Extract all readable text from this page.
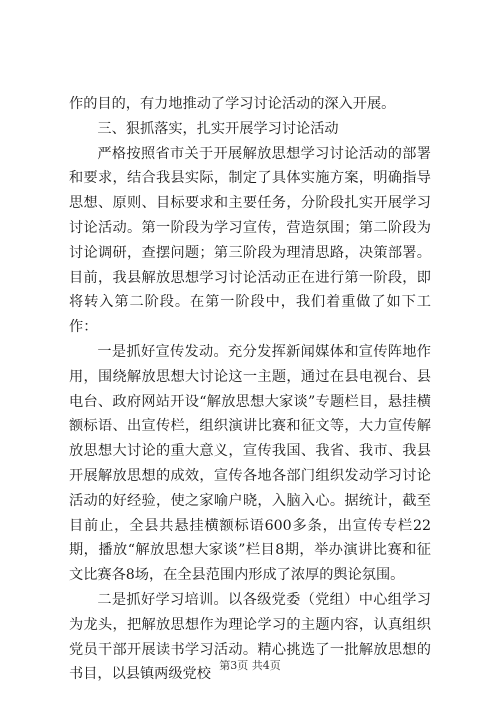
作的目的，有力地推动了学习讨论活动的深入开展。

三、狠抓落实，扎实开展学习讨论活动

严格按照省市关于开展解放思想学习讨论活动的部署和要求，结合我县实际，制定了具体实施方案，明确指导思想、原则、目标要求和主要任务，分阶段扎实开展学习讨论活动。第一阶段为学习宣传，营造氛围；第二阶段为讨论调研，查摆问题；第三阶段为理清思路，决策部署。目前，我县解放思想学习讨论活动正在进行第一阶段，即将转入第二阶段。在第一阶段中，我们着重做了如下工作：

一是抓好宣传发动。充分发挥新闻媒体和宣传阵地作用，围绕解放思想大讨论这一主题，通过在县电视台、县电台、政府网站开设“解放思想大家谈”专题栏目，悬挂横额标语、出宣传栏，组织演讲比赛和征文等，大力宣传解放思想大讨论的重大意义，宣传我国、我省、我市、我县开展解放思想的成效，宣传各地各部门组织发动学习讨论活动的好经验，使之家喻户晓，入脑入心。据统计，截至目前止，全县共悬挂横额标语600多条，出宣传专栏22期，播放“解放思想大家谈”栏目8期，举办演讲比赛和征文比赛各8场，在全县范围内形成了浓厚的舆论氛围。

二是抓好学习培训。以各级党委（党组）中心组学习为龙头，把解放思想作为理论学习的主题内容，认真组织党员干部开展读书学习活动。精心挑选了一批解放思想的书目，以县镇两级党校

第3页 共4页
